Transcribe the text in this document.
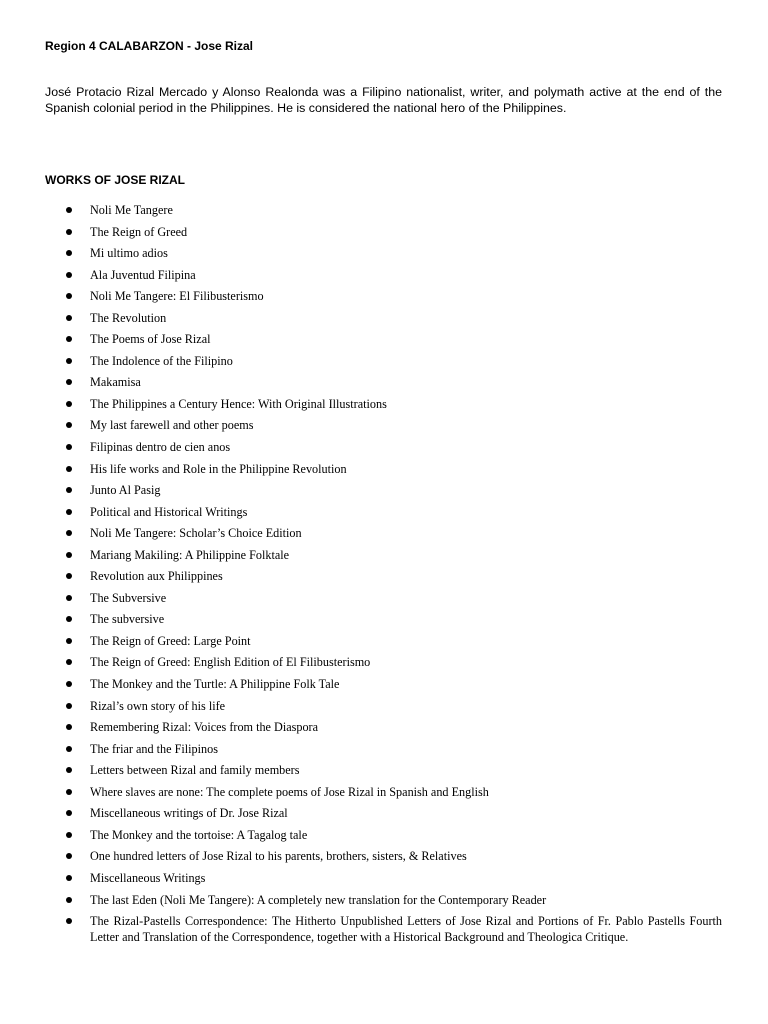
Region 4 CALABARZON - Jose Rizal

José Protacio Rizal Mercado y Alonso Realonda was a Filipino nationalist, writer, and polymath active at the end of the Spanish colonial period in the Philippines. He is considered the national hero of the Philippines.

WORKS OF JOSE RIZAL
Noli Me Tangere
The Reign of Greed
Mi ultimo adios
Ala Juventud Filipina
Noli Me Tangere: El Filibusterismo
The Revolution
The Poems of Jose Rizal
The Indolence of the Filipino
Makamisa
The Philippines a Century Hence: With Original Illustrations
My last farewell and other poems
Filipinas dentro de cien anos
His life works and Role in the Philippine Revolution
Junto Al Pasig
Political and Historical Writings
Noli Me Tangere: Scholar’s Choice Edition
Mariang Makiling: A Philippine Folktale
Revolution aux Philippines
The Subversive
The subversive
The Reign of Greed: Large Point
The Reign of Greed: English Edition of El Filibusterismo
The Monkey and the Turtle: A Philippine Folk Tale
Rizal’s own story of his life
Remembering Rizal: Voices from the Diaspora
The friar and the Filipinos
Letters between Rizal and family members
Where slaves are none: The complete poems of Jose Rizal in Spanish and English
Miscellaneous writings of Dr. Jose Rizal
The Monkey and the tortoise: A Tagalog tale
One hundred letters of Jose Rizal to his parents, brothers, sisters, & Relatives
Miscellaneous Writings
The last Eden (Noli Me Tangere): A completely new translation for the Contemporary Reader
The Rizal-Pastells Correspondence: The Hitherto Unpublished Letters of Jose Rizal and Portions of Fr. Pablo Pastells Fourth Letter and Translation of the Correspondence, together with a Historical Background and Theologica Critique.
